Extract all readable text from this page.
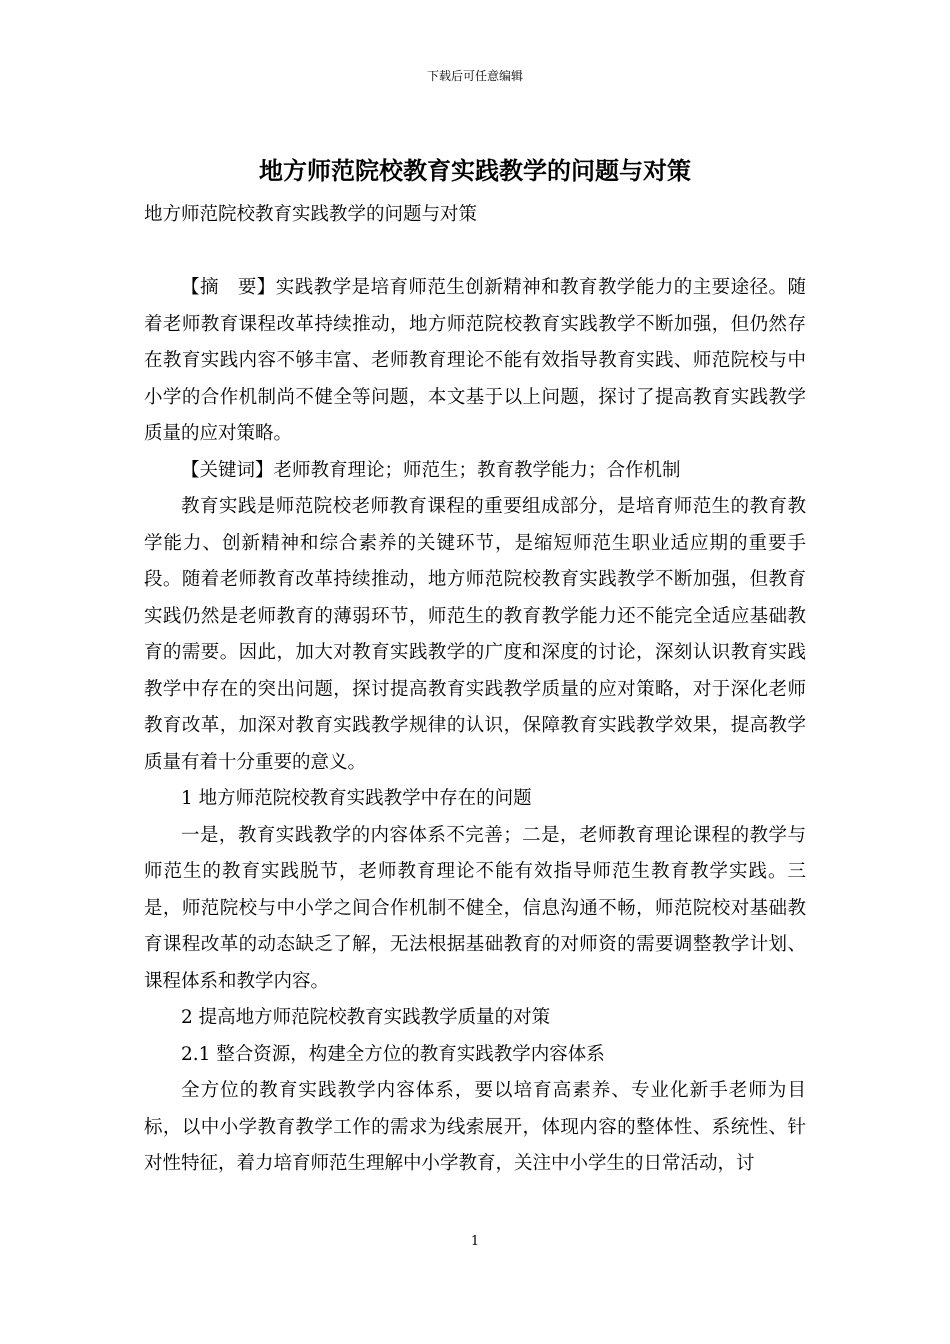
下载后可任意编辑
地方师范院校教育实践教学的问题与对策

地方师范院校教育实践教学的问题与对策

【摘　要】实践教学是培育师范生创新精神和教育教学能力的主要途径。随着老师教育课程改革持续推动，地方师范院校教育实践教学不断加强，但仍然存在教育实践内容不够丰富、老师教育理论不能有效指导教育实践、师范院校与中小学的合作机制尚不健全等问题，本文基于以上问题，探讨了提高教育实践教学质量的应对策略。

【关键词】老师教育理论；师范生；教育教学能力；合作机制

教育实践是师范院校老师教育课程的重要组成部分，是培育师范生的教育教学能力、创新精神和综合素养的关键环节，是缩短师范生职业适应期的重要手段。随着老师教育改革持续推动，地方师范院校教育实践教学不断加强，但教育实践仍然是老师教育的薄弱环节，师范生的教育教学能力还不能完全适应基础教育的需要。因此，加大对教育实践教学的广度和深度的讨论，深刻认识教育实践教学中存在的突出问题，探讨提高教育实践教学质量的应对策略，对于深化老师教育改革，加深对教育实践教学规律的认识，保障教育实践教学效果，提高教学质量有着十分重要的意义。

1 地方师范院校教育实践教学中存在的问题

一是，教育实践教学的内容体系不完善；二是，老师教育理论课程的教学与师范生的教育实践脱节，老师教育理论不能有效指导师范生教育教学实践。三是，师范院校与中小学之间合作机制不健全，信息沟通不畅，师范院校对基础教育课程改革的动态缺乏了解，无法根据基础教育的对师资的需要调整教学计划、课程体系和教学内容。

2 提高地方师范院校教育实践教学质量的对策

2.1 整合资源，构建全方位的教育实践教学内容体系

全方位的教育实践教学内容体系，要以培育高素养、专业化新手老师为目标，以中小学教育教学工作的需求为线索展开，体现内容的整体性、系统性、针对性特征，着力培育师范生理解中小学教育，关注中小学生的日常活动，讨

1
